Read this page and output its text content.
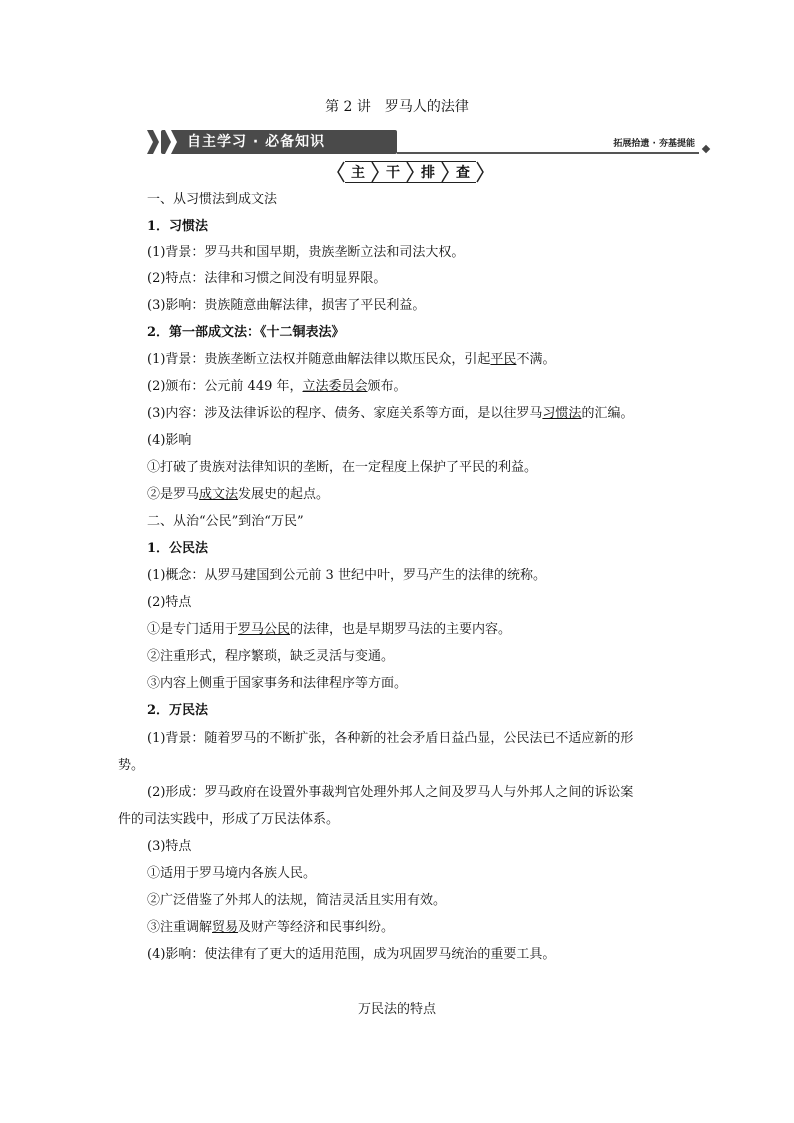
第 2 讲　罗马人的法律
自主学习 · 必备知识	拓展拾遗 · 夯基提能
主	干	排	查
一、从习惯法到成文法
1．习惯法
(1)背景：罗马共和国早期，贵族垄断立法和司法大权。
(2)特点：法律和习惯之间没有明显界限。
(3)影响：贵族随意曲解法律，损害了平民利益。
2．第一部成文法：《十二铜表法》
(1)背景：贵族垄断立法权并随意曲解法律以欺压民众，引起平民不满。
(2)颁布：公元前 449 年，立法委员会颁布。
(3)内容：涉及法律诉讼的程序、债务、家庭关系等方面，是以往罗马习惯法的汇编。
(4)影响
①打破了贵族对法律知识的垄断，在一定程度上保护了平民的利益。
②是罗马成文法发展史的起点。
二、从治“公民”到治“万民”
1．公民法
(1)概念：从罗马建国到公元前 3 世纪中叶，罗马产生的法律的统称。
(2)特点
①是专门适用于罗马公民的法律，也是早期罗马法的主要内容。
②注重形式，程序繁琐，缺乏灵活与变通。
③内容上侧重于国家事务和法律程序等方面。
2．万民法
(1)背景：随着罗马的不断扩张，各种新的社会矛盾日益凸显，公民法已不适应新的形
势。
(2)形成：罗马政府在设置外事裁判官处理外邦人之间及罗马人与外邦人之间的诉讼案
件的司法实践中，形成了万民法体系。
(3)特点
①适用于罗马境内各族人民。
②广泛借鉴了外邦人的法规，简洁灵活且实用有效。
③注重调解贸易及财产等经济和民事纠纷。
(4)影响：使法律有了更大的适用范围，成为巩固罗马统治的重要工具。
万民法的特点
